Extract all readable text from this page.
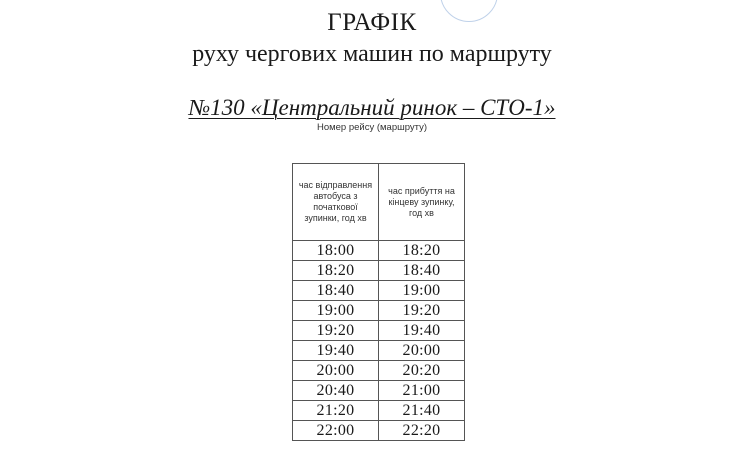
ГРАФІК
руху чергових машин по маршруту
№130 «Центральний ринок – СТО-1»
Номер рейсу (маршруту)
час відправлення автобуса з початкової зупинки, год хв	час прибуття на кінцеву зупинку, год хв
18:00	18:20
18:20	18:40
18:40	19:00
19:00	19:20
19:20	19:40
19:40	20:00
20:00	20:20
20:40	21:00
21:20	21:40
22:00	22:20
